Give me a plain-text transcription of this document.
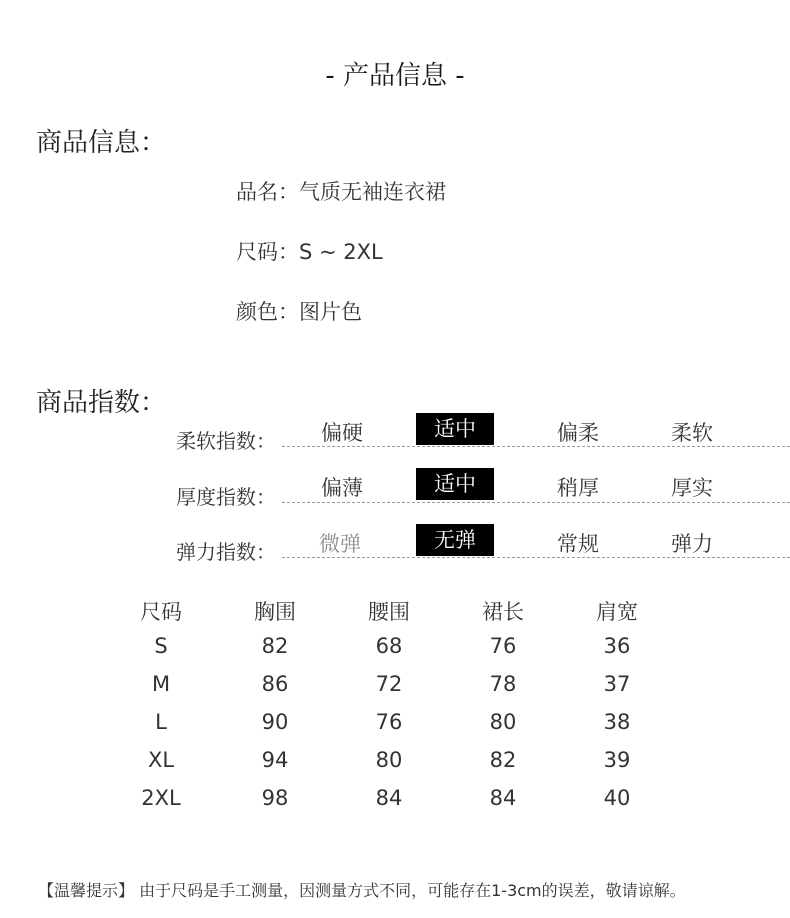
- 产品信息 -
商品信息：
品名：气质无袖连衣裙
尺码：S ~ 2XL
颜色：图片色
商品指数：
柔软指数： 偏硬	适中	偏柔	柔软
厚度指数： 偏薄	适中	稍厚	厚实
弹力指数： 微弹	无弹	常规	弹力
尺码	胸围	腰围	裙长	肩宽
S	82	68	76	36
M	86	72	78	37
L	90	76	80	38
XL	94	80	82	39
2XL	98	84	84	40
【温馨提示】 由于尺码是手工测量，因测量方式不同，可能存在1-3cm的误差，敬请谅解。
